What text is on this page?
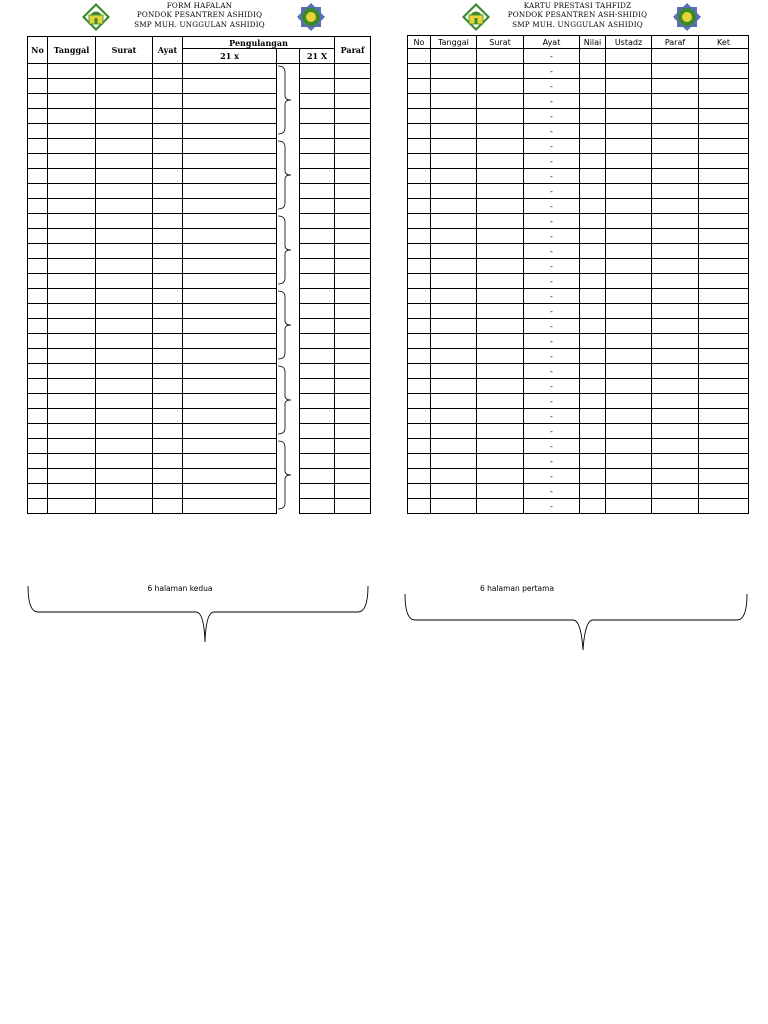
FORM HAFALAN
PONDOK PESANTREN ASHIDIQ
SMP MUH. UNGGULAN ASHIDIQ
No	Tanggal	Surat	Ayat	Pengulangan			Paraf
				21 x		21 X	

6 halaman kedua
KARTU PRESTASI TAHFIDZ
PONDOK PESANTREN ASH-SHIDIQ
SMP MUH. UNGGULAN ASHIDIQ
No	Tanggal	Surat	Ayat	Nilai	Ustadz	Paraf	Ket
			-				
			-				
			-				
			-				
			-				
			-				
			-				
			-				
			-				
			-				
			-				
			-				
			-				
			-				
			-				
			-				
			-				
			-				
			-				
			-				
			-				
			-				
			-				
			-				
			-				
			-				
			-				
			-				
			-				
			-				
			-				
6 halaman pertama
